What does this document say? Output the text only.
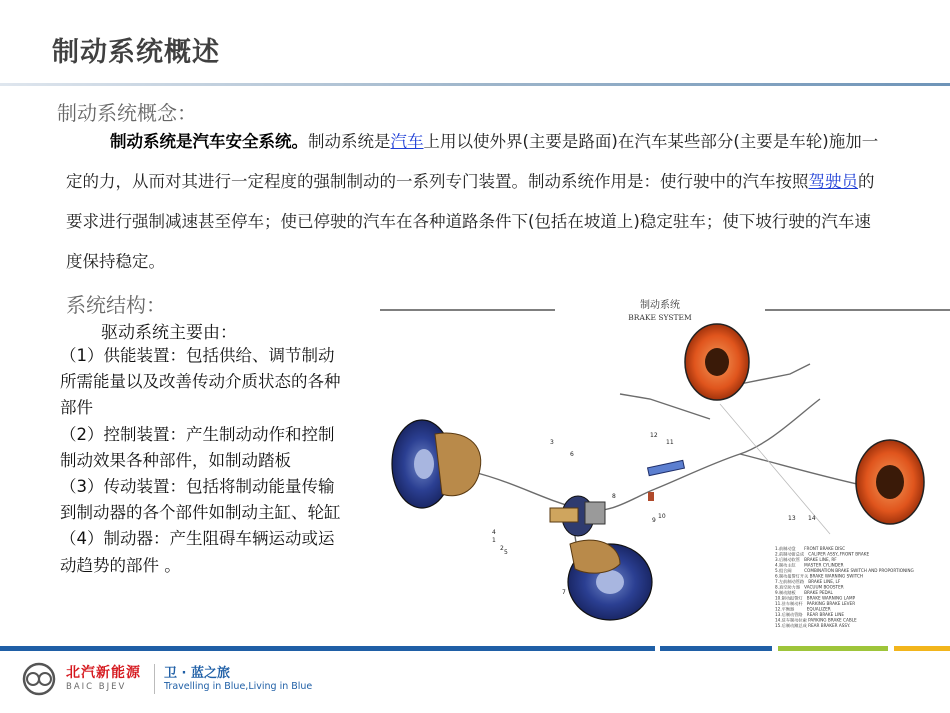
制动系统概述
制动系统概念：
制动系统是汽车安全系统。制动系统是汽车上用以使外界(主要是路面)在汽车某些部分(主要是车轮)施加一定的力，从而对其进行一定程度的强制制动的一系列专门装置。制动系统作用是：使行驶中的汽车按照驾驶员的要求进行强制减速甚至停车；使已停驶的汽车在各种道路条件下(包括在坡道上)稳定驻车；使下坡行驶的汽车速度保持稳定。
系统结构：
驱动系统主要由：
（1）供能装置：包括供给、调节制动所需能量以及改善传动介质状态的各种部件
（2）控制装置：产生制动动作和控制制动效果各种部件，如制动踏板
（3）传动装置：包括将制动能量传输到制动器的各个部件如制动主缸、轮缸
（4）制动器：产生阻碍车辆运动或运动趋势的部件 。
制动系统
BRAKE SYSTEM
1
2
3
4
5
6
7
8
9
10
11
12
13 14
1.前制动盘　　FRONT BRAKE DISC
2.前制动钳总成　CALIPER ASSY.,FRONT BRAKE
3.后制动软管　BRAKE LINE, RF
4.制动主缸　　MASTER CYLINDER
5.组合阀　　　COMBINATION BRAKE SWITCH AND PROPORTIONING
6.制动报警灯开关 BRAKE WARNING SWITCH
7.左前制动管路　BRAKE LINE, LF
8.真空助力器　VACUUM BOOSTER
9.制动踏板　　BRAKE PEDAL
10.制动报警灯　BRAKE WARNING LAMP
11.驻车制动杆　PARKING BRAKE LEVER
12.平衡器　　　EQUALIZER
13.后制动管路　REAR BRAKE LINE
14.驻车制动拉索 PARKING BRAKE CABLE
15.后制动蹄总成 REAR BRAKER ASSY.
北汽新能源
BAIC BJEV
卫 · 蓝之旅
Travelling in Blue,Living in Blue
